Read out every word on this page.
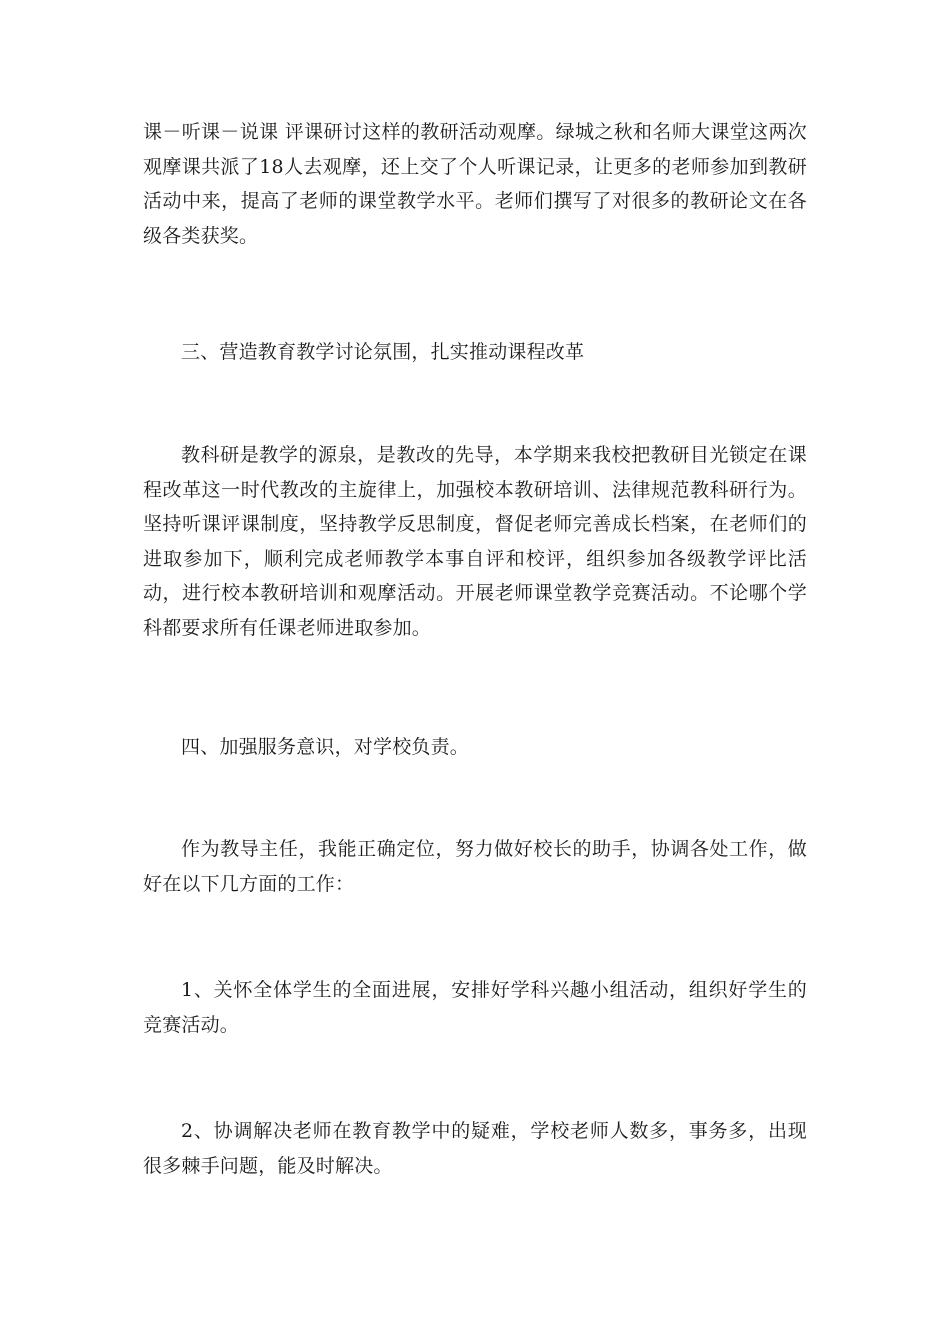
课－听课－说课 评课研讨这样的教研活动观摩。绿城之秋和名师大课堂这两次观摩课共派了18人去观摩，还上交了个人听课记录，让更多的老师参加到教研活动中来，提高了老师的课堂教学水平。老师们撰写了对很多的教研论文在各级各类获奖。

三、营造教育教学讨论氛围，扎实推动课程改革

教科研是教学的源泉，是教改的先导，本学期来我校把教研目光锁定在课程改革这一时代教改的主旋律上，加强校本教研培训、法律规范教科研行为。坚持听课评课制度，坚持教学反思制度，督促老师完善成长档案，在老师们的进取参加下，顺利完成老师教学本事自评和校评，组织参加各级教学评比活动，进行校本教研培训和观摩活动。开展老师课堂教学竞赛活动。不论哪个学科都要求所有任课老师进取参加。

四、加强服务意识，对学校负责。

作为教导主任，我能正确定位，努力做好校长的助手，协调各处工作，做好在以下几方面的工作：

1、关怀全体学生的全面进展，安排好学科兴趣小组活动，组织好学生的竞赛活动。

2、协调解决老师在教育教学中的疑难，学校老师人数多，事务多，出现很多棘手问题，能及时解决。
